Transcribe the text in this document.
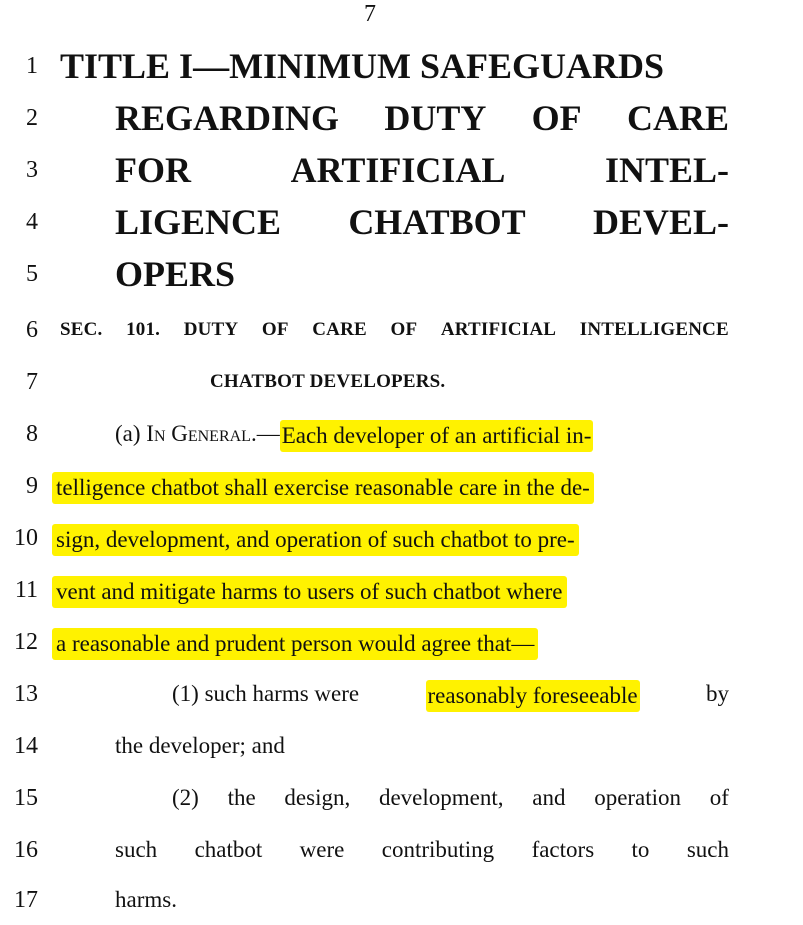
7
1 TITLE I—MINIMUM SAFEGUARDS
2 REGARDING DUTY OF CARE
3 FOR	ARTIFICIAL	INTEL-
4 LIGENCE CHATBOT DEVEL-
5 OPERS
6 SEC. 101. DUTY OF CARE OF ARTIFICIAL INTELLIGENCE
7	CHATBOT DEVELOPERS.
8	(a) In General.— Each developer of an artificial in-
9 telligence chatbot shall exercise reasonable care in the de-
10 sign, development, and operation of such chatbot to pre-
11 vent and mitigate harms to users of such chatbot where
12 a reasonable and prudent person would agree that—
13	(1) such harms were	reasonably foreseeable	by
14	the developer; and
15	(2) the design, development, and operation of
16	such chatbot were contributing factors to such
17	harms.
